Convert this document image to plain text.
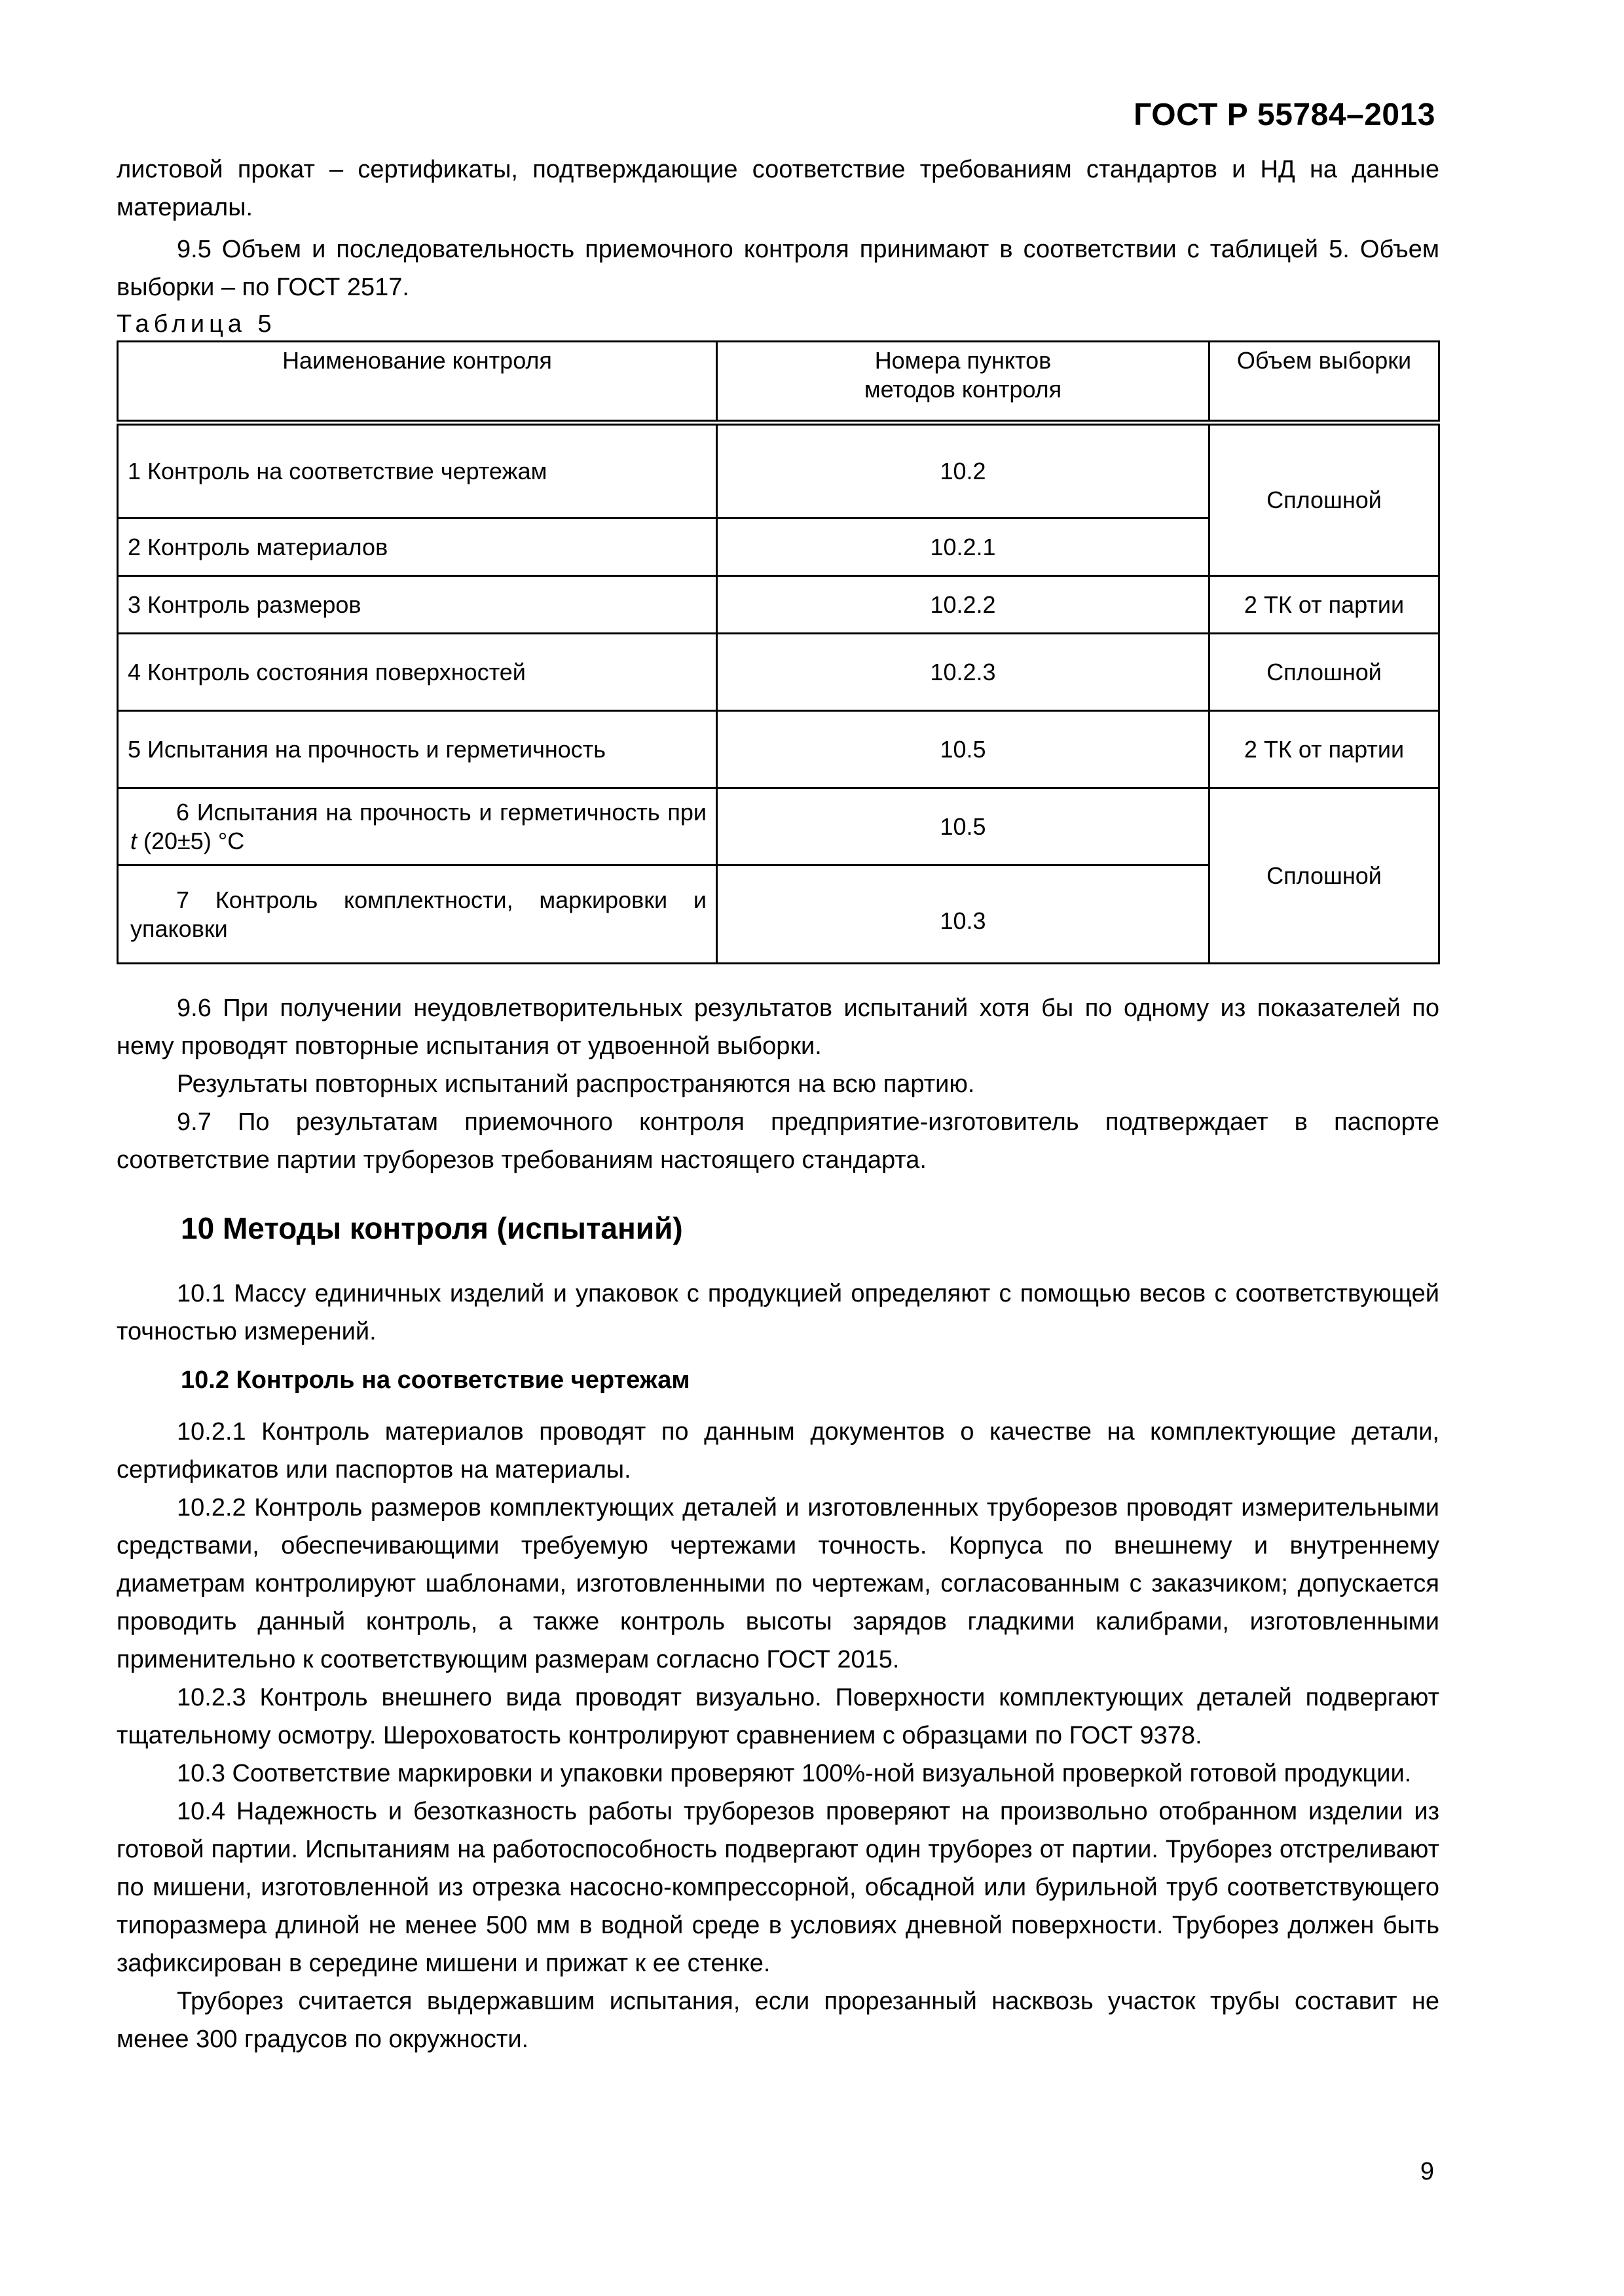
ГОСТ Р 55784–2013

листовой прокат – сертификаты, подтверждающие соответствие требованиям стандартов и НД на данные материалы.

9.5 Объем и последовательность приемочного контроля принимают в соответствии с таблицей 5. Объем выборки – по ГОСТ 2517.

Таблица 5
Наименование контроля	Номера пунктов методов контроля	Объем выборки
1 Контроль на соответствие чертежам	10.2	Сплошной
2 Контроль материалов	10.2.1	
3 Контроль размеров	10.2.2	2 ТК от партии
4 Контроль состояния поверхностей	10.2.3	Сплошной
5 Испытания на прочность и герметичность	10.5	2 ТК от партии
6 Испытания на прочность и герметичность при t (20±5) °С	10.5	Сплошной
7 Контроль комплектности, маркировки и упаковки	10.3	

9.6 При получении неудовлетворительных результатов испытаний хотя бы по одному из показателей по нему проводят повторные испытания от удвоенной выборки.

Результаты повторных испытаний распространяются на всю партию.

9.7 По результатам приемочного контроля предприятие-изготовитель подтверждает в паспорте соответствие партии труборезов требованиям настоящего стандарта.

10 Методы контроля (испытаний)

10.1 Массу единичных изделий и упаковок с продукцией определяют с помощью весов с соответствующей точностью измерений.

10.2 Контроль на соответствие чертежам

10.2.1 Контроль материалов проводят по данным документов о качестве на комплектующие детали, сертификатов или паспортов на материалы.

10.2.2 Контроль размеров комплектующих деталей и изготовленных труборезов проводят измерительными средствами, обеспечивающими требуемую чертежами точность. Корпуса по внешнему и внутреннему диаметрам контролируют шаблонами, изготовленными по чертежам, согласованным с заказчиком; допускается проводить данный контроль, а также контроль высоты зарядов гладкими калибрами, изготовленными применительно к соответствующим размерам согласно ГОСТ 2015.

10.2.3 Контроль внешнего вида проводят визуально. Поверхности комплектующих деталей подвергают тщательному осмотру. Шероховатость контролируют сравнением с образцами по ГОСТ 9378.

10.3 Соответствие маркировки и упаковки проверяют 100%-ной визуальной проверкой готовой продукции.

10.4 Надежность и безотказность работы труборезов проверяют на произвольно отобранном изделии из готовой партии. Испытаниям на работоспособность подвергают один труборез от партии. Труборез отстреливают по мишени, изготовленной из отрезка насосно-компрессорной, обсадной или бурильной труб соответствующего типоразмера длиной не менее 500 мм в водной среде в условиях дневной поверхности. Труборез должен быть зафиксирован в середине мишени и прижат к ее стенке.

Труборез считается выдержавшим испытания, если прорезанный насквозь участок трубы составит не менее 300 градусов по окружности.

9
